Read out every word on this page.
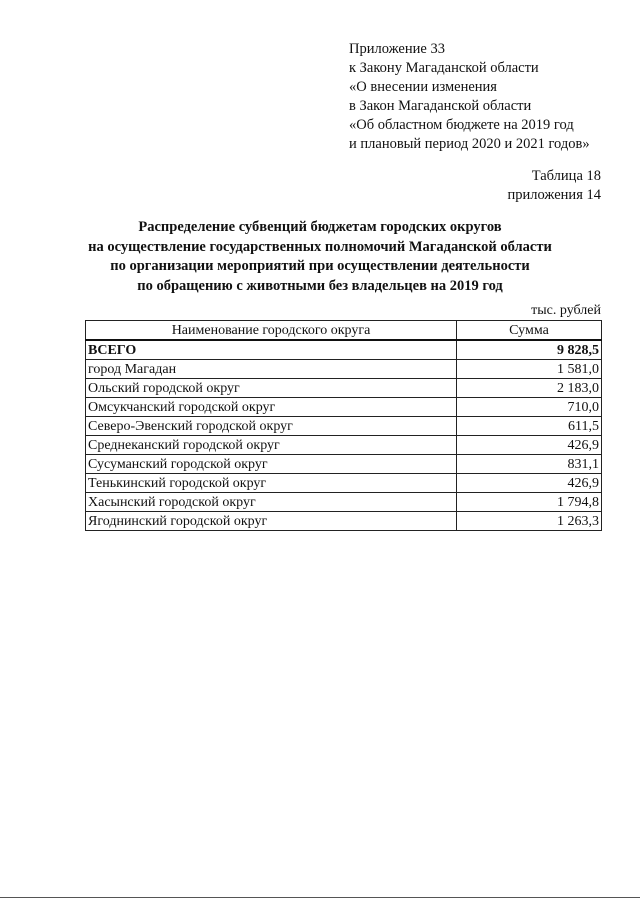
Приложение 33
к Закону Магаданской области
«О внесении изменения
в Закон Магаданской области
«Об областном бюджете на 2019 год
и плановый период 2020 и 2021 годов»
Таблица 18
приложения 14
Распределение субвенций бюджетам городских округов
на осуществление государственных полномочий Магаданской области
по организации мероприятий при осуществлении деятельности
по обращению с животными без владельцев на 2019 год
тыс. рублей
Наименование городского округа	Сумма
ВСЕГО	9 828,5
город Магадан	1 581,0
Ольский городской округ	2 183,0
Омсукчанский городской округ	710,0
Северо-Эвенский городской округ	611,5
Среднеканский городской округ	426,9
Сусуманский городской округ	831,1
Тенькинский городской округ	426,9
Хасынский городской округ	1 794,8
Ягоднинский городской округ	1 263,3
